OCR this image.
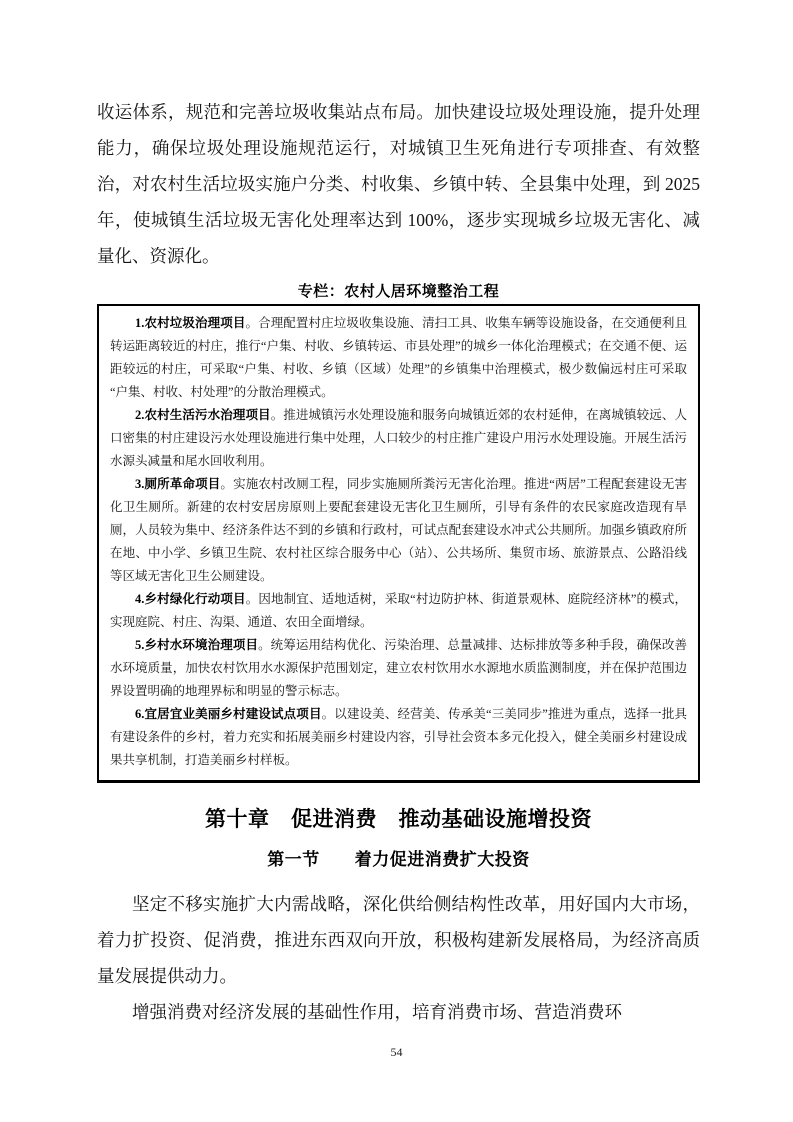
收运体系，规范和完善垃圾收集站点布局。加快建设垃圾处理设施，提升处理能力，确保垃圾处理设施规范运行，对城镇卫生死角进行专项排查、有效整治，对农村生活垃圾实施户分类、村收集、乡镇中转、全县集中处理，到 2025 年，使城镇生活垃圾无害化处理率达到 100%，逐步实现城乡垃圾无害化、减量化、资源化。

专栏：农村人居环境整治工程

1.农村垃圾治理项目。合理配置村庄垃圾收集设施、清扫工具、收集车辆等设施设备，在交通便利且转运距离较近的村庄，推行“户集、村收、乡镇转运、市县处理”的城乡一体化治理模式；在交通不便、运距较远的村庄，可采取“户集、村收、乡镇（区域）处理”的乡镇集中治理模式，极少数偏远村庄可采取“户集、村收、村处理”的分散治理模式。

2.农村生活污水治理项目。推进城镇污水处理设施和服务向城镇近郊的农村延伸，在离城镇较远、人口密集的村庄建设污水处理设施进行集中处理，人口较少的村庄推广建设户用污水处理设施。开展生活污水源头减量和尾水回收利用。

3.厕所革命项目。实施农村改厕工程，同步实施厕所粪污无害化治理。推进“两居”工程配套建设无害化卫生厕所。新建的农村安居房原则上要配套建设无害化卫生厕所，引导有条件的农民家庭改造现有旱厕，人员较为集中、经济条件达不到的乡镇和行政村，可试点配套建设水冲式公共厕所。加强乡镇政府所在地、中小学、乡镇卫生院、农村社区综合服务中心（站）、公共场所、集贸市场、旅游景点、公路沿线等区域无害化卫生公厕建设。

4.乡村绿化行动项目。因地制宜、适地适树，采取“村边防护林、街道景观林、庭院经济林”的模式，实现庭院、村庄、沟渠、通道、农田全面增绿。

5.乡村水环境治理项目。统筹运用结构优化、污染治理、总量减排、达标排放等多种手段，确保改善水环境质量，加快农村饮用水水源保护范围划定，建立农村饮用水水源地水质监测制度，并在保护范围边界设置明确的地理界标和明显的警示标志。

6.宜居宜业美丽乡村建设试点项目。以建设美、经营美、传承美“三美同步”推进为重点，选择一批具有建设条件的乡村，着力充实和拓展美丽乡村建设内容，引导社会资本多元化投入，健全美丽乡村建设成果共享机制，打造美丽乡村样板。

第十章　促进消费　推动基础设施增投资
第一节　　着力促进消费扩大投资

坚定不移实施扩大内需战略，深化供给侧结构性改革，用好国内大市场，着力扩投资、促消费，推进东西双向开放，积极构建新发展格局，为经济高质量发展提供动力。

增强消费对经济发展的基础性作用，培育消费市场、营造消费环

54
